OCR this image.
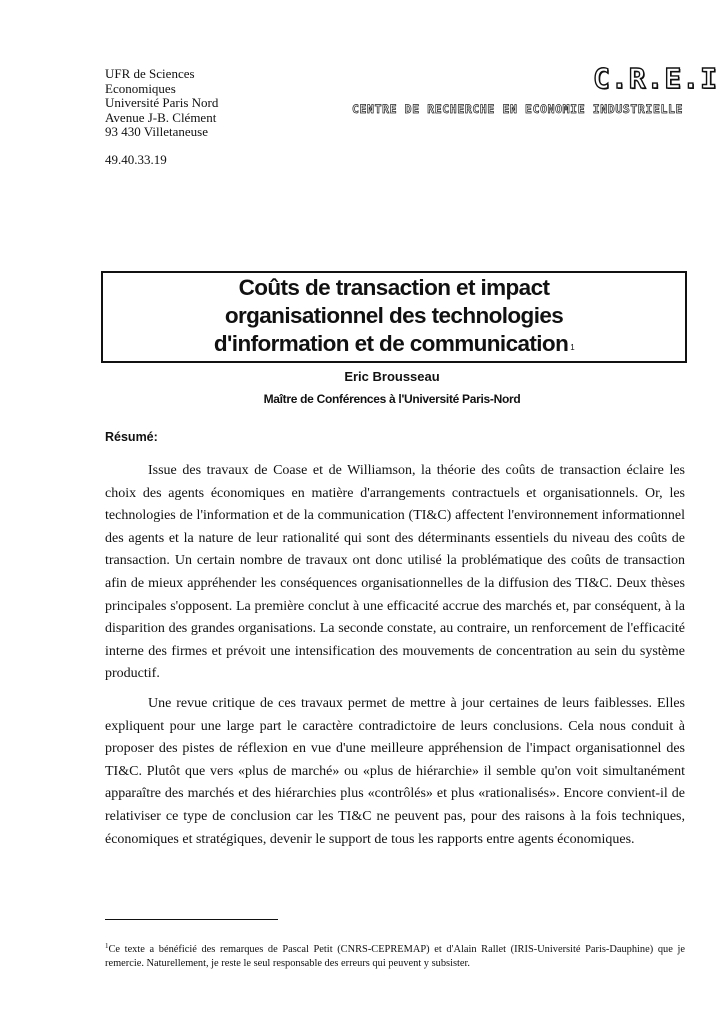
UFR de Sciences
Economiques
Université Paris Nord
Avenue J-B. Clément
93 430 Villetaneuse
49.40.33.19
C.R.E.I
CENTRE DE RECHERCHE EN ECONOMIE INDUSTRIELLE
Coûts de transaction et impact
organisationnel des technologies
d'information et de communication $^1$
Eric Brousseau
Maître de Conférences à l'Université Paris-Nord
Résumé:

Issue des travaux de Coase et de Williamson, la théorie des coûts de transaction éclaire les choix des agents économiques en matière d'arrangements contractuels et organisationnels. Or, les technologies de l'information et de la communication (TI&C) affectent l'environnement informationnel des agents et la nature de leur rationalité qui sont des déterminants essentiels du niveau des coûts de transaction. Un certain nombre de travaux ont donc utilisé la problématique des coûts de transaction afin de mieux appréhender les conséquences organisationnelles de la diffusion des TI&C. Deux thèses principales s'opposent. La première conclut à une efficacité accrue des marchés et, par conséquent, à la disparition des grandes organisations. La seconde constate, au contraire, un renforcement de l'efficacité interne des firmes et prévoit une intensification des mouvements de concentration au sein du système productif.

Une revue critique de ces travaux permet de mettre à jour certaines de leurs faiblesses. Elles expliquent pour une large part le caractère contradictoire de leurs conclusions. Cela nous conduit à proposer des pistes de réflexion en vue d'une meilleure appréhension de l'impact organisationnel des TI&C. Plutôt que vers «plus de marché» ou «plus de hiérarchie» il semble qu'on voit simultanément apparaître des marchés et des hiérarchies plus «contrôlés» et plus «rationalisés». Encore convient-il de relativiser ce type de conclusion car les TI&C ne peuvent pas, pour des raisons à la fois techniques, économiques et stratégiques, devenir le support de tous les rapports entre agents économiques.

$^1$Ce texte a bénéficié des remarques de Pascal Petit (CNRS-CEPREMAP) et d'Alain Rallet (IRIS-Université Paris-Dauphine) que je remercie. Naturellement, je reste le seul responsable des erreurs qui peuvent y subsister.
